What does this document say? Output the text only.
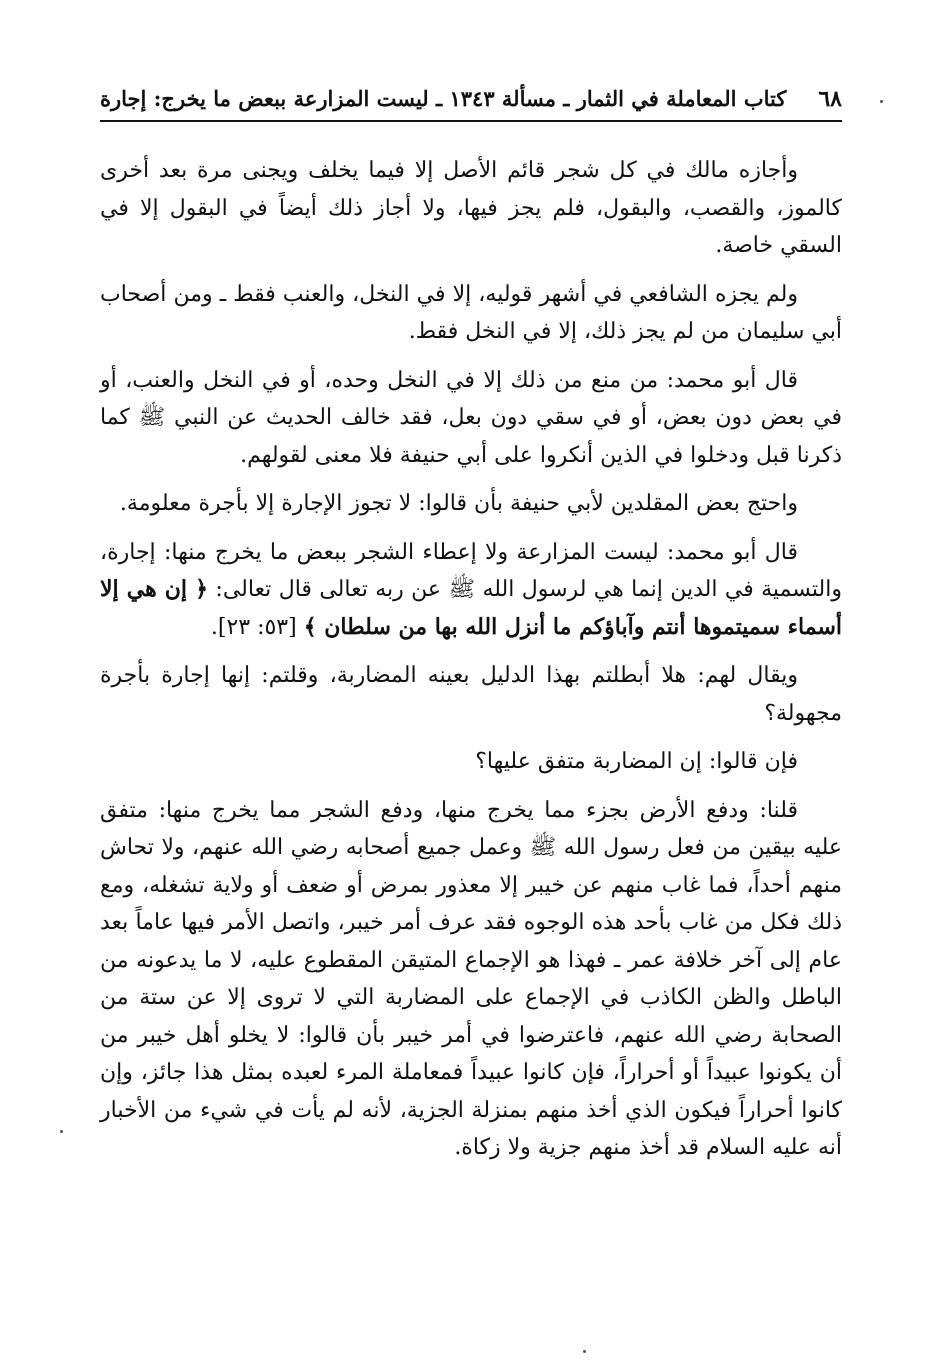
٦٨
كتاب المعاملة في الثمار ـ مسألة ١٣٤٣ ـ ليست المزارعة ببعض ما يخرج: إجارة

وأجازه مالك في كل شجر قائم الأصل إلا فيما يخلف ويجنى مرة بعد أخرى كالموز، والقصب، والبقول، فلم يجز فيها، ولا أجاز ذلك أيضاً في البقول إلا في السقي خاصة.

ولم يجزه الشافعي في أشهر قوليه، إلا في النخل، والعنب فقط ـ ومن أصحاب أبي سليمان من لم يجز ذلك، إلا في النخل فقط.

قال أبو محمد: من منع من ذلك إلا في النخل وحده، أو في النخل والعنب، أو في بعض دون بعض، أو في سقي دون بعل، فقد خالف الحديث عن النبي ﷺ كما ذكرنا قبل ودخلوا في الذين أنكروا على أبي حنيفة فلا معنى لقولهم.

واحتج بعض المقلدين لأبي حنيفة بأن قالوا: لا تجوز الإجارة إلا بأجرة معلومة.

قال أبو محمد: ليست المزارعة ولا إعطاء الشجر ببعض ما يخرج منها: إجارة، والتسمية في الدين إنما هي لرسول الله ﷺ عن ربه تعالى قال تعالى: ﴿ إن هي إلا أسماء سميتموها أنتم وآباؤكم ما أنزل الله بها من سلطان ﴾ [٥٣: ٢٣].

ويقال لهم: هلا أبطلتم بهذا الدليل بعينه المضاربة، وقلتم: إنها إجارة بأجرة مجهولة؟

فإن قالوا: إن المضاربة متفق عليها؟

قلنا: ودفع الأرض بجزء مما يخرج منها، ودفع الشجر مما يخرج منها: متفق عليه بيقين من فعل رسول الله ﷺ وعمل جميع أصحابه رضي الله عنهم، ولا تحاش منهم أحداً، فما غاب منهم عن خيبر إلا معذور بمرض أو ضعف أو ولاية تشغله، ومع ذلك فكل من غاب بأحد هذه الوجوه فقد عرف أمر خيبر، واتصل الأمر فيها عاماً بعد عام إلى آخر خلافة عمر ـ فهذا هو الإجماع المتيقن المقطوع عليه، لا ما يدعونه من الباطل والظن الكاذب في الإجماع على المضاربة التي لا تروى إلا عن ستة من الصحابة رضي الله عنهم، فاعترضوا في أمر خيبر بأن قالوا: لا يخلو أهل خيبر من أن يكونوا عبيداً أو أحراراً، فإن كانوا عبيداً فمعاملة المرء لعبده بمثل هذا جائز، وإن كانوا أحراراً فيكون الذي أخذ منهم بمنزلة الجزية، لأنه لم يأت في شيء من الأخبار أنه عليه السلام قد أخذ منهم جزية ولا زكاة.
